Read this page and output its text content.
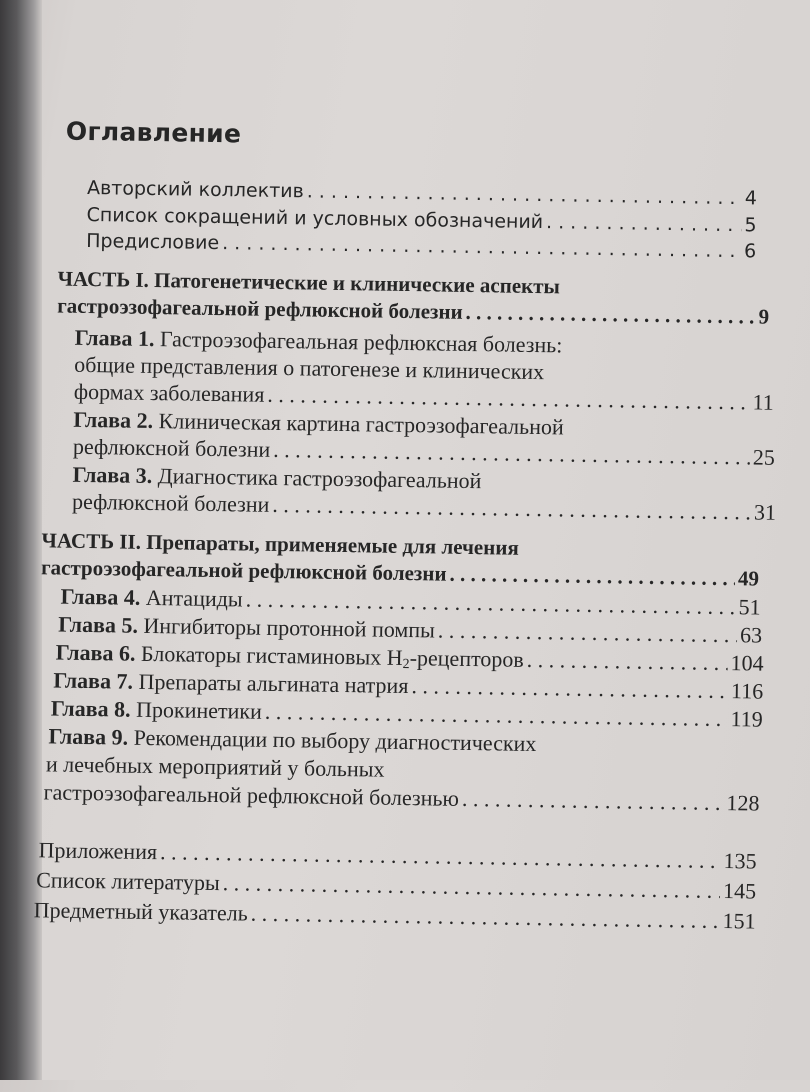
Оглавление
Авторский коллектив . . .	4
Список сокращений и условных обозначений . . .	5
Предисловие . . .	6
ЧАСТЬ I. Патогенетические и клинические аспекты
гастроэзофагеальной рефлюксной болезни . . .	9
Глава 1. Гастроэзофагеальная рефлюксная болезнь:
общие представления о патогенезе и клинических
формах заболевания . . .	11
Глава 2. Клиническая картина гастроэзофагеальной
рефлюксной болезни . . .	25
Глава 3. Диагностика гастроэзофагеальной
рефлюксной болезни . . .	31
ЧАСТЬ II. Препараты, применяемые для лечения
гастроэзофагеальной рефлюксной болезни . . .	49
Глава 4. Антациды . . .	51
Глава 5. Ингибиторы протонной помпы . . .	63
Глава 6. Блокаторы гистаминовых $Н_2$-рецепторов . . .	104
Глава 7. Препараты альгината натрия . . .	116
Глава 8. Прокинетики . . .	119
Глава 9. Рекомендации по выбору диагностических
и лечебных мероприятий у больных
гастроэзофагеальной рефлюксной болезнью . . .	128
Приложения . . .	135
Список литературы . . .	145
Предметный указатель . . .	151
